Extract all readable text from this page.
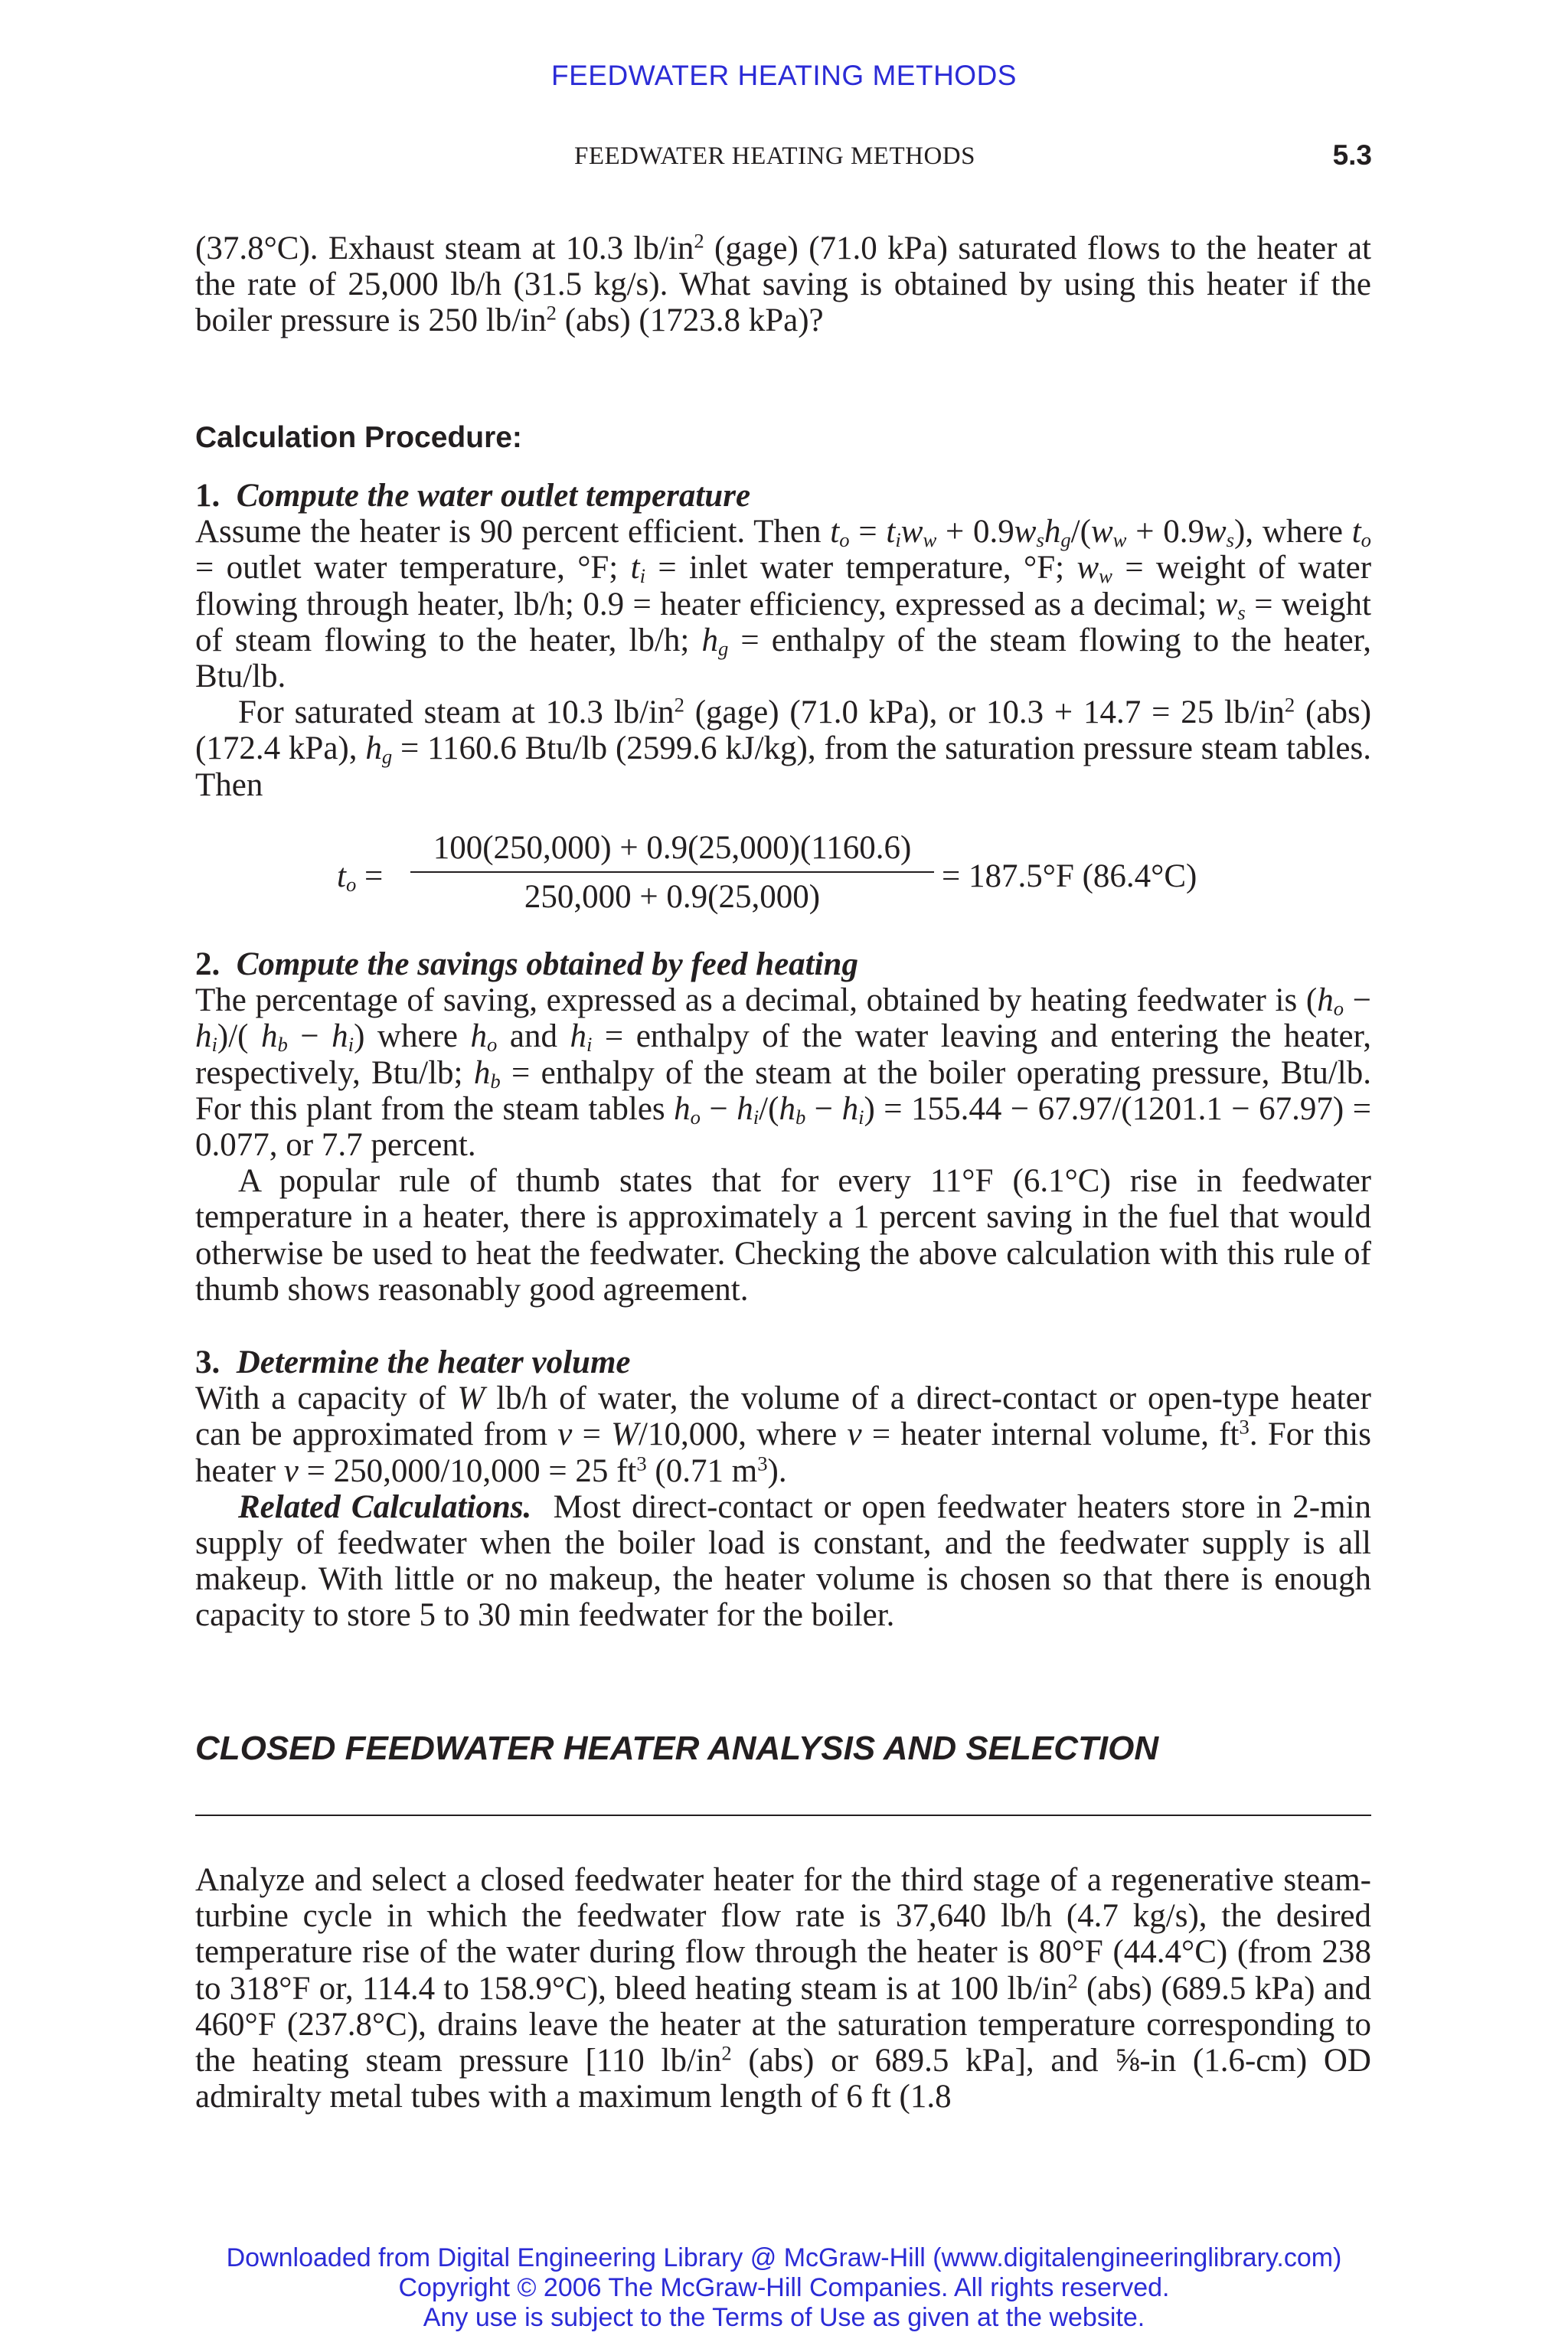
FEEDWATER HEATING METHODS
FEEDWATER HEATING METHODS	5.3

(37.8°C). Exhaust steam at 10.3 $lb/in^2$ (gage) (71.0 kPa) saturated flows to the heater at the rate of 25,000 lb/h (31.5 kg/s). What saving is obtained by using this heater if the boiler pressure is 250 $lb/in^2$ (abs) (1723.8 kPa)?

Calculation Procedure:

1. Compute the water outlet temperature

Assume the heater is 90 percent efficient. Then $t_o = t_iw_w + 0.9w_sh_g/(w_w + 0.9w_s)$, where $t_o$ = outlet water temperature, °F; $t_i$ = inlet water temperature, °F; $w_w$ = weight of water flowing through heater, lb/h; 0.9 = heater efficiency, expressed as a decimal; $w_s$ = weight of steam flowing to the heater, lb/h; $h_g$ = enthalpy of the steam flowing to the heater, Btu/lb.

For saturated steam at 10.3 $lb/in^2$ (gage) (71.0 kPa), or 10.3 + 14.7 = 25 $lb/in^2$ (abs) (172.4 kPa), $h_g = 1160.6$ Btu/lb (2599.6 kJ/kg), from the saturation pressure steam tables. Then

$t_o$ =
100(250,000) + 0.9(25,000)(1160.6)
250,000 + 0.9(25,000)
= 187.5°F (86.4°C)

2. Compute the savings obtained by feed heating

The percentage of saving, expressed as a decimal, obtained by heating feedwater is $(h_o - h_i)/$( $h_b - h_i$) where $h_o$ and $h_i$ = enthalpy of the water leaving and entering the heater, respectively, Btu/lb; $h_b$ = enthalpy of the steam at the boiler operating pressure, Btu/lb. For this plant from the steam tables $h_o - h_i/(h_b - h_i) = 155.44 - 67.97/(1201.1 - 67.97) = 0.077$, or 7.7 percent.

A popular rule of thumb states that for every 11°F (6.1°C) rise in feedwater temperature in a heater, there is approximately a 1 percent saving in the fuel that would otherwise be used to heat the feedwater. Checking the above calculation with this rule of thumb shows reasonably good agreement.

3. Determine the heater volume

With a capacity of W lb/h of water, the volume of a direct-contact or open-type heater can be approximated from v = W/10,000, where v = heater internal volume, $ft^3$. For this heater v = 250,000/10,000 = 25 $ft^3$ (0.71 $m^3$).

Related Calculations. Most direct-contact or open feedwater heaters store in 2-min supply of feedwater when the boiler load is constant, and the feedwater supply is all makeup. With little or no makeup, the heater volume is chosen so that there is enough capacity to store 5 to 30 min feedwater for the boiler.

CLOSED FEEDWATER HEATER ANALYSIS AND SELECTION

Analyze and select a closed feedwater heater for the third stage of a regenerative steam-turbine cycle in which the feedwater flow rate is 37,640 lb/h (4.7 kg/s), the desired temperature rise of the water during flow through the heater is 80°F (44.4°C) (from 238 to 318°F or, 114.4 to 158.9°C), bleed heating steam is at 100 $lb/in^2$ (abs) (689.5 kPa) and 460°F (237.8°C), drains leave the heater at the saturation temperature corresponding to the heating steam pressure [110 $lb/in^2$ (abs) or 689.5 kPa], and ⅝-in (1.6-cm) OD admiralty metal tubes with a maximum length of 6 ft (1.8

Downloaded from Digital Engineering Library @ McGraw-Hill (www.digitalengineeringlibrary.com)
Copyright © 2006 The McGraw-Hill Companies. All rights reserved.
Any use is subject to the Terms of Use as given at the website.
